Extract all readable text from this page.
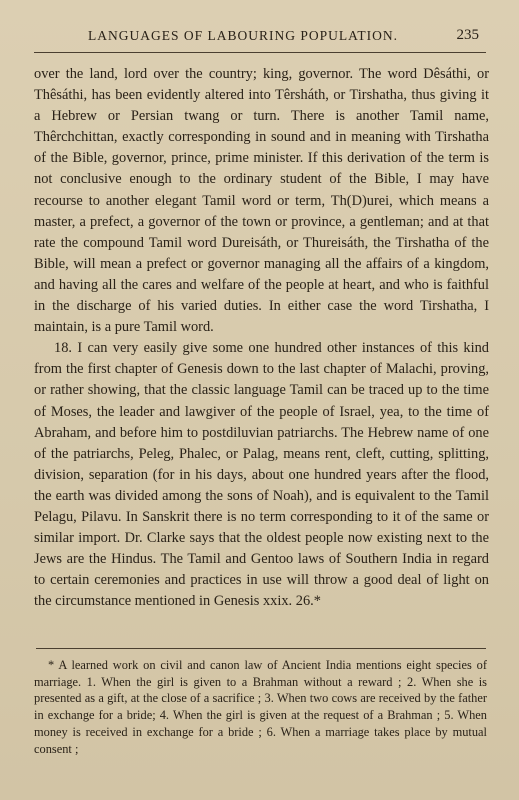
LANGUAGES OF LABOURING POPULATION.	235

over the land, lord over the country; king, governor. The word Dêsáthi, or Thêsáthi, has been evidently altered into Têrsháth, or Tirshatha, thus giving it a Hebrew or Persian twang or turn. There is another Tamil name, Thêrchchittan, exactly corresponding in sound and in meaning with Tirshatha of the Bible, governor, prince, prime minister. If this derivation of the term is not conclusive enough to the ordinary student of the Bible, I may have recourse to another elegant Tamil word or term, Th(D)urei, which means a master, a prefect, a governor of the town or province, a gentleman; and at that rate the compound Tamil word Dureisáth, or Thureisáth, the Tirshatha of the Bible, will mean a prefect or governor managing all the affairs of a kingdom, and having all the cares and welfare of the people at heart, and who is faithful in the discharge of his varied duties. In either case the word Tirshatha, I maintain, is a pure Tamil word.

18. I can very easily give some one hundred other instances of this kind from the first chapter of Genesis down to the last chapter of Malachi, proving, or rather showing, that the classic language Tamil can be traced up to the time of Moses, the leader and lawgiver of the people of Israel, yea, to the time of Abraham, and before him to postdiluvian patriarchs. The Hebrew name of one of the patriarchs, Peleg, Phalec, or Palag, means rent, cleft, cutting, splitting, division, separation (for in his days, about one hundred years after the flood, the earth was divided among the sons of Noah), and is equivalent to the Tamil Pelagu, Pilavu. In Sanskrit there is no term corresponding to it of the same or similar import. Dr. Clarke says that the oldest people now existing next to the Jews are the Hindus. The Tamil and Gentoo laws of Southern India in regard to certain ceremonies and practices in use will throw a good deal of light on the circumstance mentioned in Genesis xxix. 26.*

* A learned work on civil and canon law of Ancient India mentions eight species of marriage. 1. When the girl is given to a Brahman without a reward ; 2. When she is presented as a gift, at the close of a sacrifice ; 3. When two cows are received by the father in exchange for a bride; 4. When the girl is given at the request of a Brahman ; 5. When money is received in exchange for a bride ; 6. When a marriage takes place by mutual consent ;
